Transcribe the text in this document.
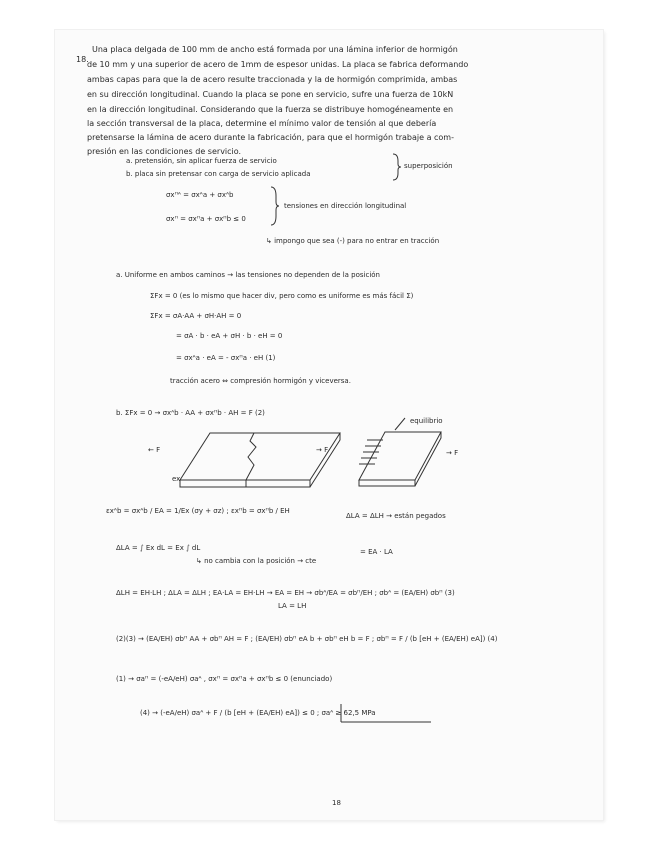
18.
Una placa delgada de 100 mm de ancho está formada por una lámina inferior de hormigón
de 10 mm y una superior de acero de 1mm de espesor unidas. La placa se fabrica deformando
ambas capas para que la de acero resulte traccionada y la de hormigón comprimida, ambas
en su dirección longitudinal. Cuando la placa se pone en servicio, sufre una fuerza de 10kN
en la dirección longitudinal. Considerando que la fuerza se distribuye homogéneamente en
la sección transversal de la placa, determine el mínimo valor de tensión al que debería
pretensarse la lámina de acero durante la fabricación, para que el hormigón trabaje a com-
presión en las condiciones de servicio.
a. pretensión, sin aplicar fuerza de servicio
b. placa sin pretensar con carga de servicio aplicada
superposición
σxᴴᴬ = σxᴬa + σxᴬb
σxᴴ = σxᴴa + σxᴴb ≤ 0
tensiones en dirección longitudinal
↳ impongo que sea (-) para no entrar en tracción
a. Uniforme en ambos caminos → las tensiones no dependen de la posición
ΣFx = 0 (es lo mismo que hacer div, pero como es uniforme es más fácil Σ)
ΣFx = σA·AA + σH·AH = 0
= σA · b · eA + σH · b · eH = 0
= σxᴬa · eA = - σxᴴa · eH (1)
tracción acero ⇔ compresión hormigón y viceversa.
b. ΣFx = 0 → σxᴬb · AA + σxᴴb · AH = F (2)
← F	→ F
ex
equilibrio
→ F
εxᴬb = σxᴬb / EA = 1/Ex (σy + σz) ; εxᴴb = σxᴴb / EH
ΔLA = ΔLH → están pegados
ΔLA = ∫ Ex dL = Ex ∫ dL
↳ no cambia con la posición → cte
= EA · LA
ΔLH = EH·LH ; ΔLA = ΔLH ; EA·LA = EH·LH → EA = EH → σbᴬ/EA = σbᴴ/EH ; σbᴬ = (EA/EH) σbᴴ (3)
LA = LH
(2)(3) → (EA/EH) σbᴴ AA + σbᴴ AH = F ; (EA/EH) σbᴴ eA b + σbᴴ eH b = F ; σbᴴ = F / (b [eH + (EA/EH) eA]) (4)
(1) → σaᴴ = (-eA/eH) σaᴬ , σxᴴ = σxᴴa + σxᴴb ≤ 0 (enunciado)
(4) → (-eA/eH) σaᴬ + F / (b [eH + (EA/EH) eA]) ≤ 0 ; σaᴬ ≥ 62,5 MPa
18
